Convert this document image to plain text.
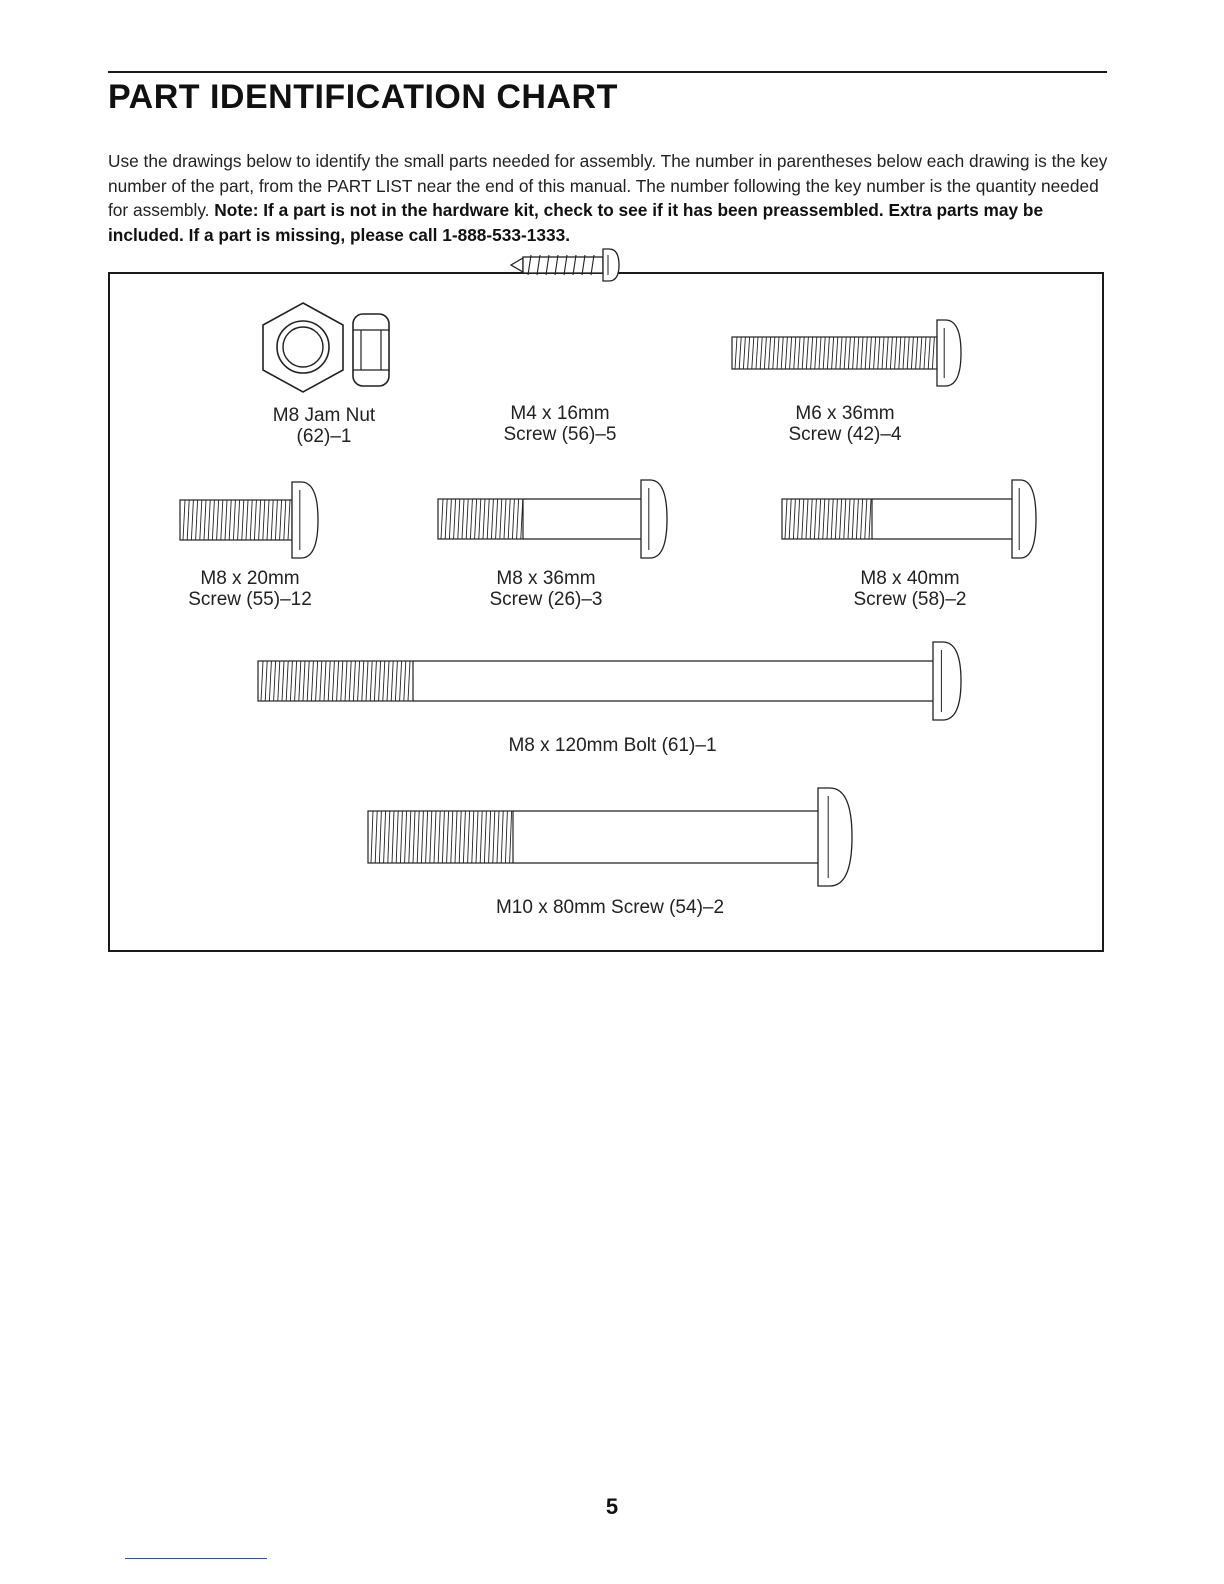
PART IDENTIFICATION CHART

Use the drawings below to identify the small parts needed for assembly. The number in parentheses below each drawing is the key number of the part, from the PART LIST near the end of this manual. The number following the key number is the quantity needed for assembly. Note: If a part is not in the hardware kit, check to see if it has been preassembled. Extra parts may be included. If a part is missing, please call 1-888-533-1333.

M8 Jam Nut
(62)–1
M4 x 16mm
Screw (56)–5
M6 x 36mm
Screw (42)–4
M8 x 20mm
Screw (55)–12
M8 x 36mm
Screw (26)–3
M8 x 40mm
Screw (58)–2
M8 x 120mm Bolt (61)–1
M10 x 80mm Screw (54)–2
5
